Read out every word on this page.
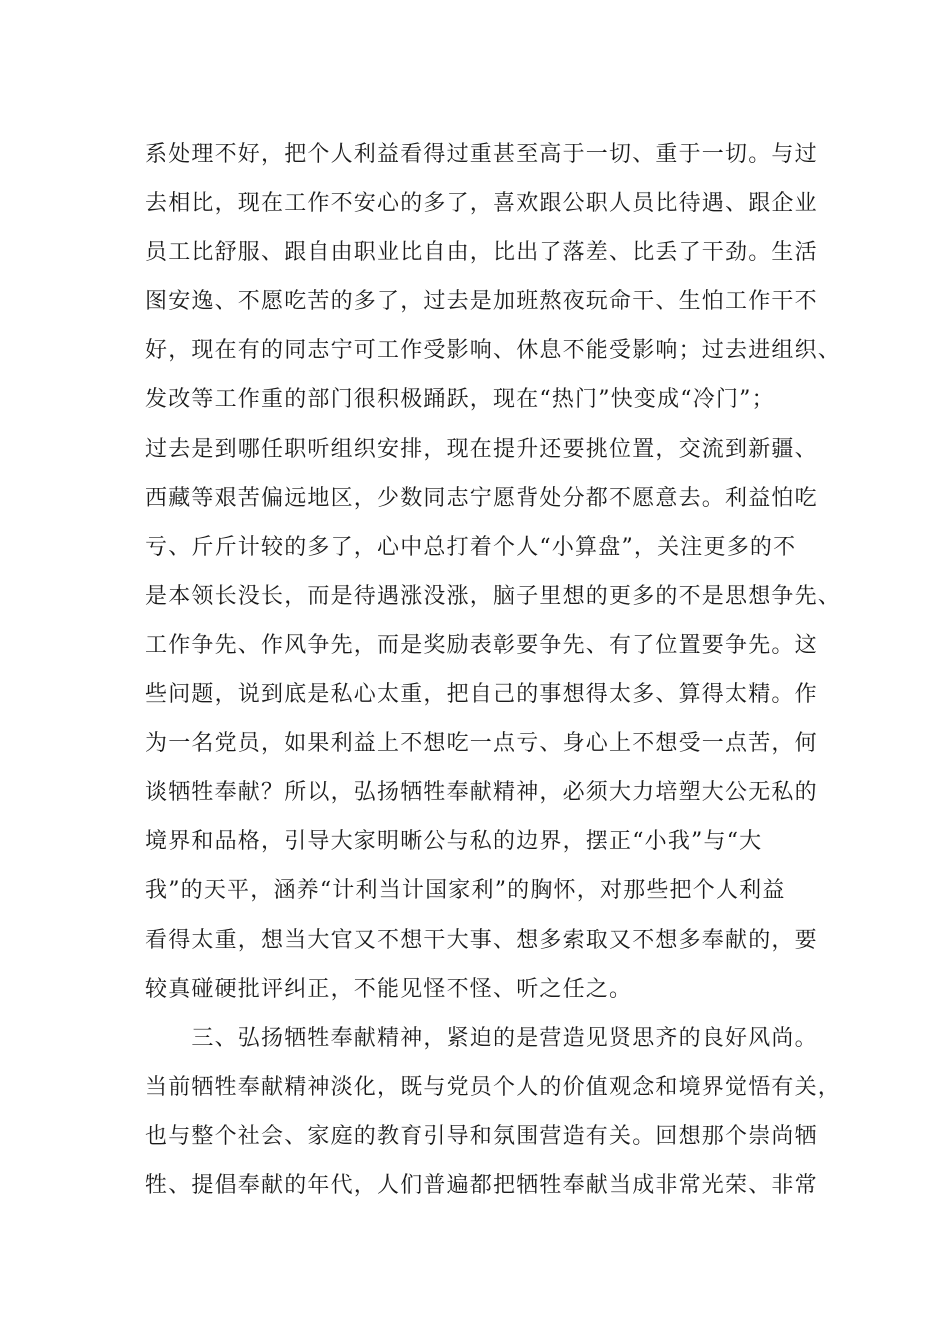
系处理不好，把个人利益看得过重甚至高于一切、重于一切。与过
去相比，现在工作不安心的多了，喜欢跟公职人员比待遇、跟企业
员工比舒服、跟自由职业比自由，比出了落差、比丢了干劲。生活
图安逸、不愿吃苦的多了，过去是加班熬夜玩命干、生怕工作干不
好，现在有的同志宁可工作受影响、休息不能受影响；过去进组织、
发改等工作重的部门很积极踊跃，现在“热门”快变成“冷门”；
过去是到哪任职听组织安排，现在提升还要挑位置，交流到新疆、
西藏等艰苦偏远地区，少数同志宁愿背处分都不愿意去。利益怕吃
亏、斤斤计较的多了，心中总打着个人“小算盘”，关注更多的不
是本领长没长，而是待遇涨没涨，脑子里想的更多的不是思想争先、
工作争先、作风争先，而是奖励表彰要争先、有了位置要争先。这
些问题，说到底是私心太重，把自己的事想得太多、算得太精。作
为一名党员，如果利益上不想吃一点亏、身心上不想受一点苦，何
谈牺牲奉献？所以，弘扬牺牲奉献精神，必须大力培塑大公无私的
境界和品格，引导大家明晰公与私的边界，摆正“小我”与“大
我”的天平，涵养“计利当计国家利”的胸怀，对那些把个人利益
看得太重，想当大官又不想干大事、想多索取又不想多奉献的，要
较真碰硬批评纠正，不能见怪不怪、听之任之。
　　三、弘扬牺牲奉献精神，紧迫的是营造见贤思齐的良好风尚。
当前牺牲奉献精神淡化，既与党员个人的价值观念和境界觉悟有关，
也与整个社会、家庭的教育引导和氛围营造有关。回想那个崇尚牺
牲、提倡奉献的年代，人们普遍都把牺牲奉献当成非常光荣、非常
